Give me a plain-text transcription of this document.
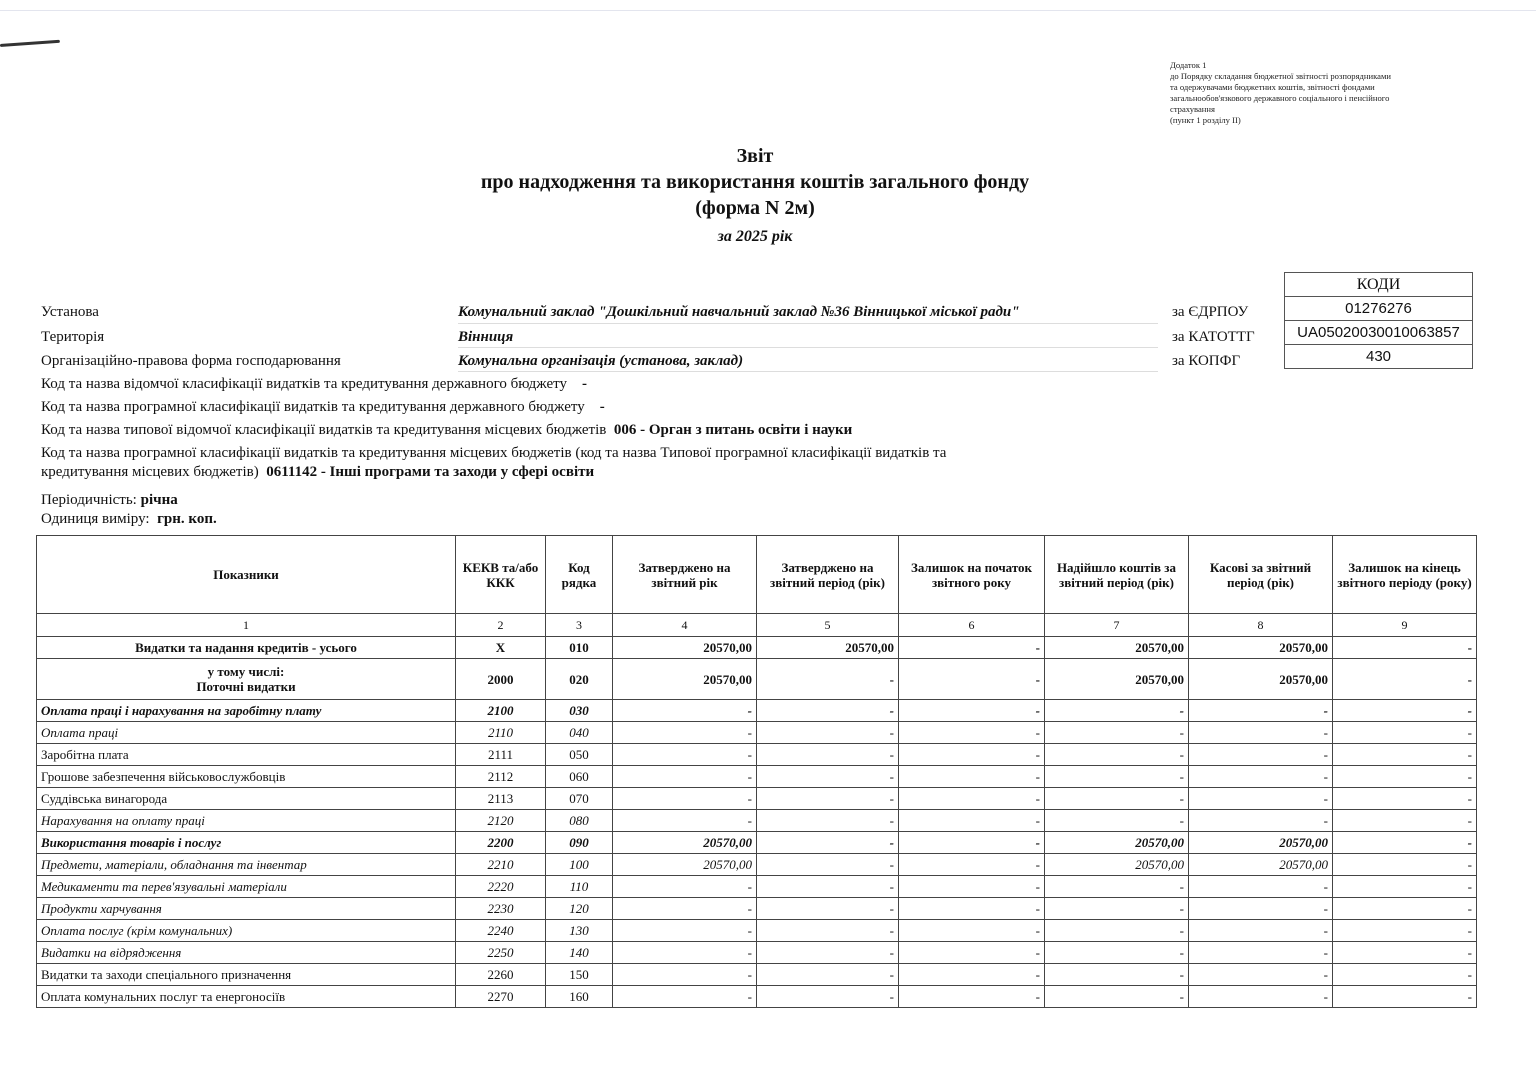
Додаток 1
до Порядку складання бюджетної звітності розпорядниками
та одержувачами бюджетних коштів, звітності фондами
загальнообов'язкового державного соціального і пенсійного
страхування
(пункт 1 розділу II)
Звіт
про надходження та використання коштів загального фонду
(форма N 2м)
за 2025 рік
КОДИ
01276276
UA05020030010063857
430
Установа	Комунальний заклад "Дошкільний навчальний заклад №36 Вінницької міської ради"	за ЄДРПОУ
Територія	Вінниця	за КАТОТТГ
Організаційно-правова форма господарювання	Комунальна організація (установа, заклад)	за КОПФГ
Код та назва відомчої класифікації видатків та кредитування державного бюджету -
Код та назва програмної класифікації видатків та кредитування державного бюджету -
Код та назва типової відомчої класифікації видатків та кредитування місцевих бюджетів 006 - Орган з питань освіти і науки
Код та назва програмної класифікації видатків та кредитування місцевих бюджетів (код та назва Типової програмної класифікації видатків та
кредитування місцевих бюджетів) 0611142 - Інші програми та заходи у сфері освіти
Періодичність: річна
Одиниця виміру: грн. коп.
Показники	КЕКВ та/або ККК	Код рядка	Затверджено на звітний рік	Затверджено на звітний період (рік)	Залишок на початок звітного року	Надійшло коштів за звітний період (рік)	Касові за звітний період (рік)	Залишок на кінець звітного періоду (року)
1	2	3	4	5	6	7	8	9
Видатки та надання кредитів - усього	X	010	20570,00	20570,00	-	20570,00	20570,00	-

у тому числі:
Поточні видатки	2000	020	20570,00	-	-	20570,00	20570,00	-
Оплата праці і нарахування на заробітну плату	2100	030	-	-	-	-	-	-
Оплата праці	2110	040	-	-	-	-	-	-
Заробітна плата	2111	050	-	-	-	-	-	-
Грошове забезпечення військовослужбовців	2112	060	-	-	-	-	-	-
Суддівська винагорода	2113	070	-	-	-	-	-	-
Нарахування на оплату праці	2120	080	-	-	-	-	-	-
Використання товарів і послуг	2200	090	20570,00	-	-	20570,00	20570,00	-
Предмети, матеріали, обладнання та інвентар	2210	100	20570,00	-	-	20570,00	20570,00	-
Медикаменти та перев'язувальні матеріали	2220	110	-	-	-	-	-	-
Продукти харчування	2230	120	-	-	-	-	-	-
Оплата послуг (крім комунальних)	2240	130	-	-	-	-	-	-
Видатки на відрядження	2250	140	-	-	-	-	-	-
Видатки та заходи спеціального призначення	2260	150	-	-	-	-	-	-
Оплата комунальних послуг та енергоносіїв	2270	160	-	-	-	-	-	-
